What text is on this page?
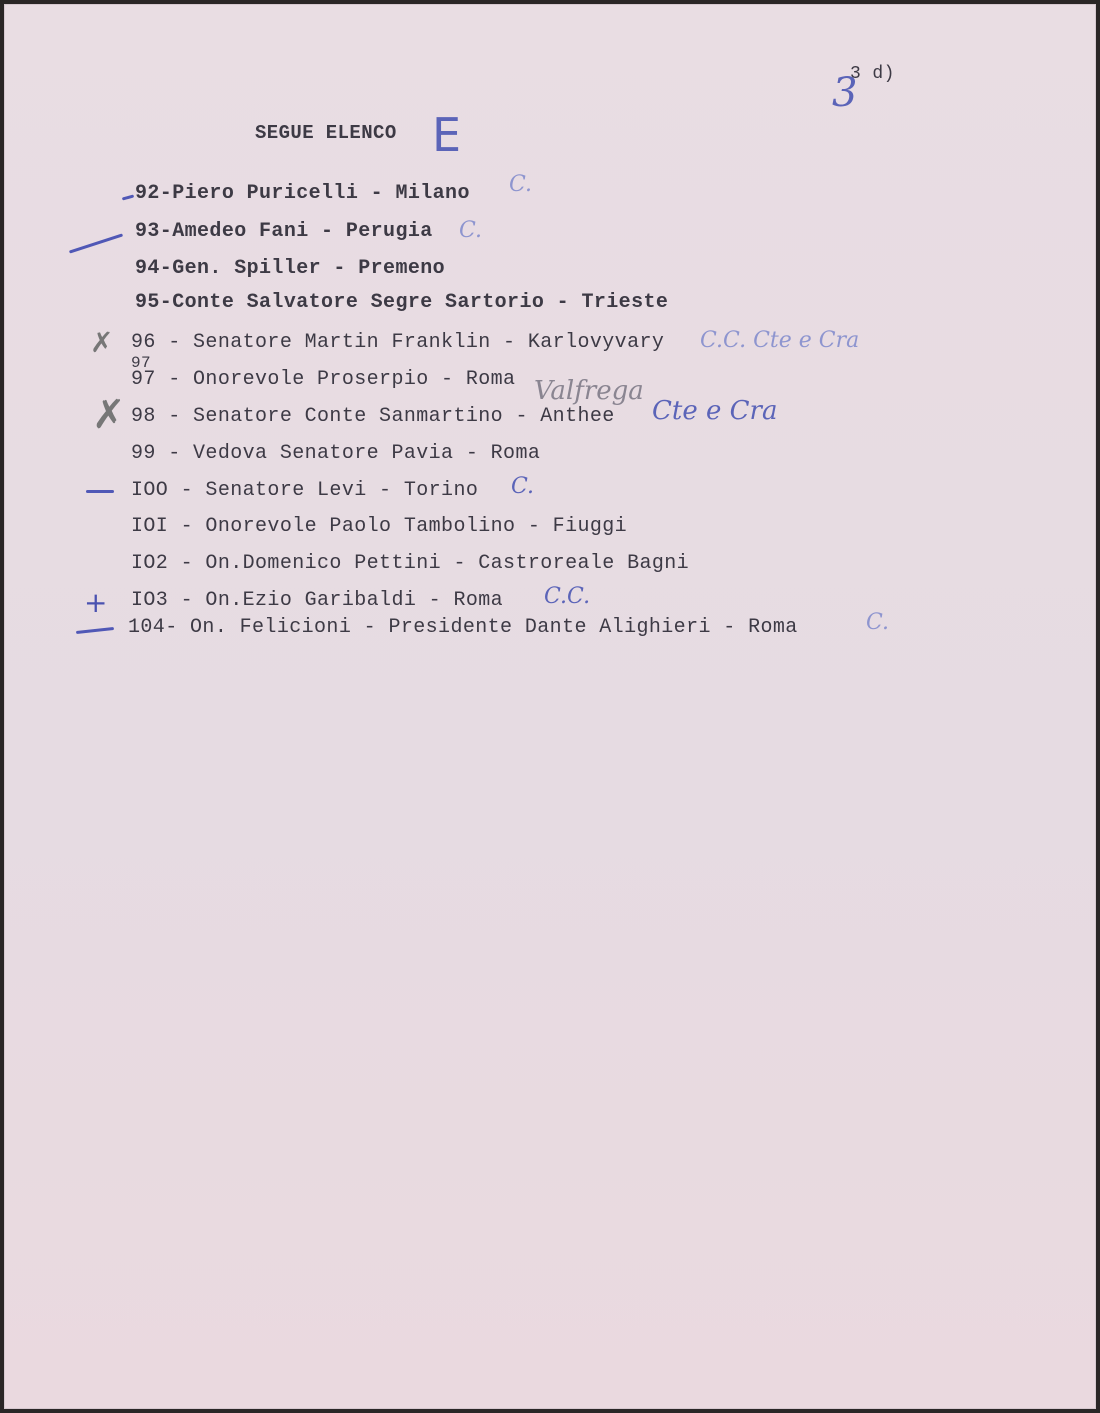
3
3 d)
SEGUE ELENCO E
92-Piero Puricelli - Milano C.
93-Amedeo Fani - Perugia C.
94-Gen. Spiller - Premeno
95-Conte Salvatore Segre Sartorio - Trieste
96 - Senatore Martin Franklin - Karlovyvary C.C. Cte e Cra
97
97 - Onorevole Proserpio - Roma Valfrega
98 - Senatore Conte Sanmartino - Anthee Cte e Cra
99 - Vedova Senatore Pavia - Roma
IOO - Senatore Levi - Torino C.
IOI - Onorevole Paolo Tambolino - Fiuggi
IO2 - On.Domenico Pettini - Castroreale Bagni
IO3 - On.Ezio Garibaldi - Roma C.C.
104- On. Felicioni - Presidente Dante Alighieri - Roma	C.
✗
✗
+
